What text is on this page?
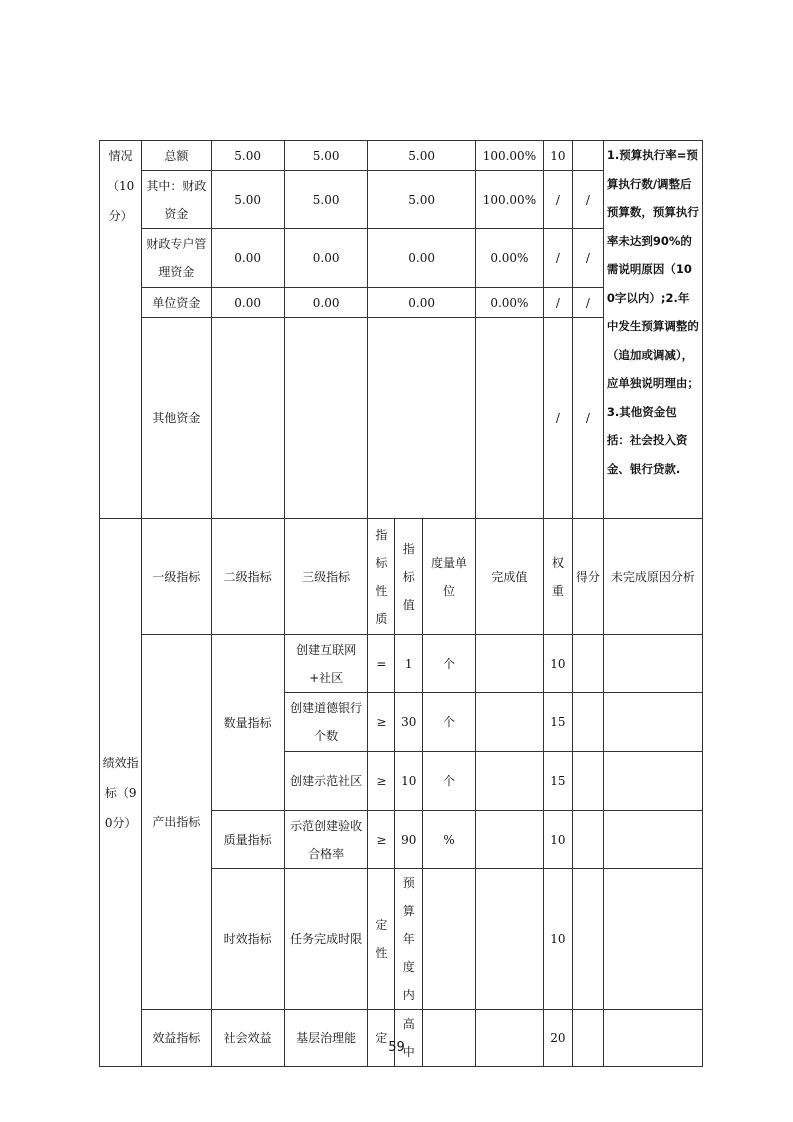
情况（10分）	总额	5.00	5.00	5.00			100.00%	10		1.预算执行率=预算执行数/调整后预算数，预算执行率未达到90%的需说明原因（100字以内）;2.年中发生预算调整的（追加或调减），应单独说明理由；3.其他资金包括：社会投入资金、银行贷款.
	其中：财政资金	5.00	5.00	5.00			100.00%	/	/	
	财政专户管理资金	0.00	0.00	0.00			0.00%	/	/	
	单位资金	0.00	0.00	0.00			0.00%	/	/	
	其他资金							/	/	
绩效指标（90分）	一级指标	二级指标	三级指标	指标性质	指标值	度量单位	完成值	权重	得分	未完成原因分析
	产出指标	数量指标	创建互联网+社区	=	1	个		10		
			创建道德银行个数	≥	30	个		15		
			创建示范社区	≥	10	个		15		
		质量指标	示范创建验收合格率	≥	90	%		10		
		时效指标	任务完成时限	定性	预算年度内			10		
	效益指标	社会效益	基层治理能	定	高中			20		
59
